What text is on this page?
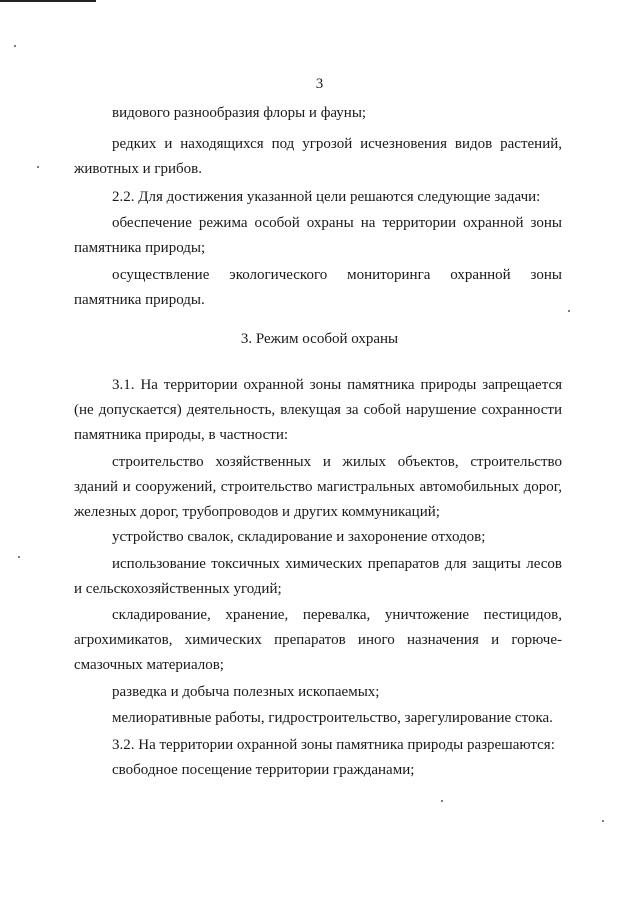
3

видового разнообразия флоры и фауны;

редких и находящихся под угрозой исчезновения видов растений, животных и грибов.

2.2. Для достижения указанной цели решаются следующие задачи:

обеспечение режима особой охраны на территории охранной зоны памятника природы;

осуществление экологического мониторинга охранной зоны памятника природы.

3. Режим особой охраны

3.1. На территории охранной зоны памятника природы запрещается (не допускается) деятельность, влекущая за собой нарушение сохранности памятника природы, в частности:

строительство хозяйственных и жилых объектов, строительство зданий и сооружений, строительство магистральных автомобильных дорог, железных дорог, трубопроводов и других коммуникаций;

устройство свалок, складирование и захоронение отходов;

использование токсичных химических препаратов для защиты лесов и сельскохозяйственных угодий;

складирование, хранение, перевалка, уничтожение пестицидов, агрохимикатов, химических препаратов иного назначения и горюче-смазочных материалов;

разведка и добыча полезных ископаемых;

мелиоративные работы, гидростроительство, зарегулирование стока.

3.2. На территории охранной зоны памятника природы разрешаются:

свободное посещение территории гражданами;
